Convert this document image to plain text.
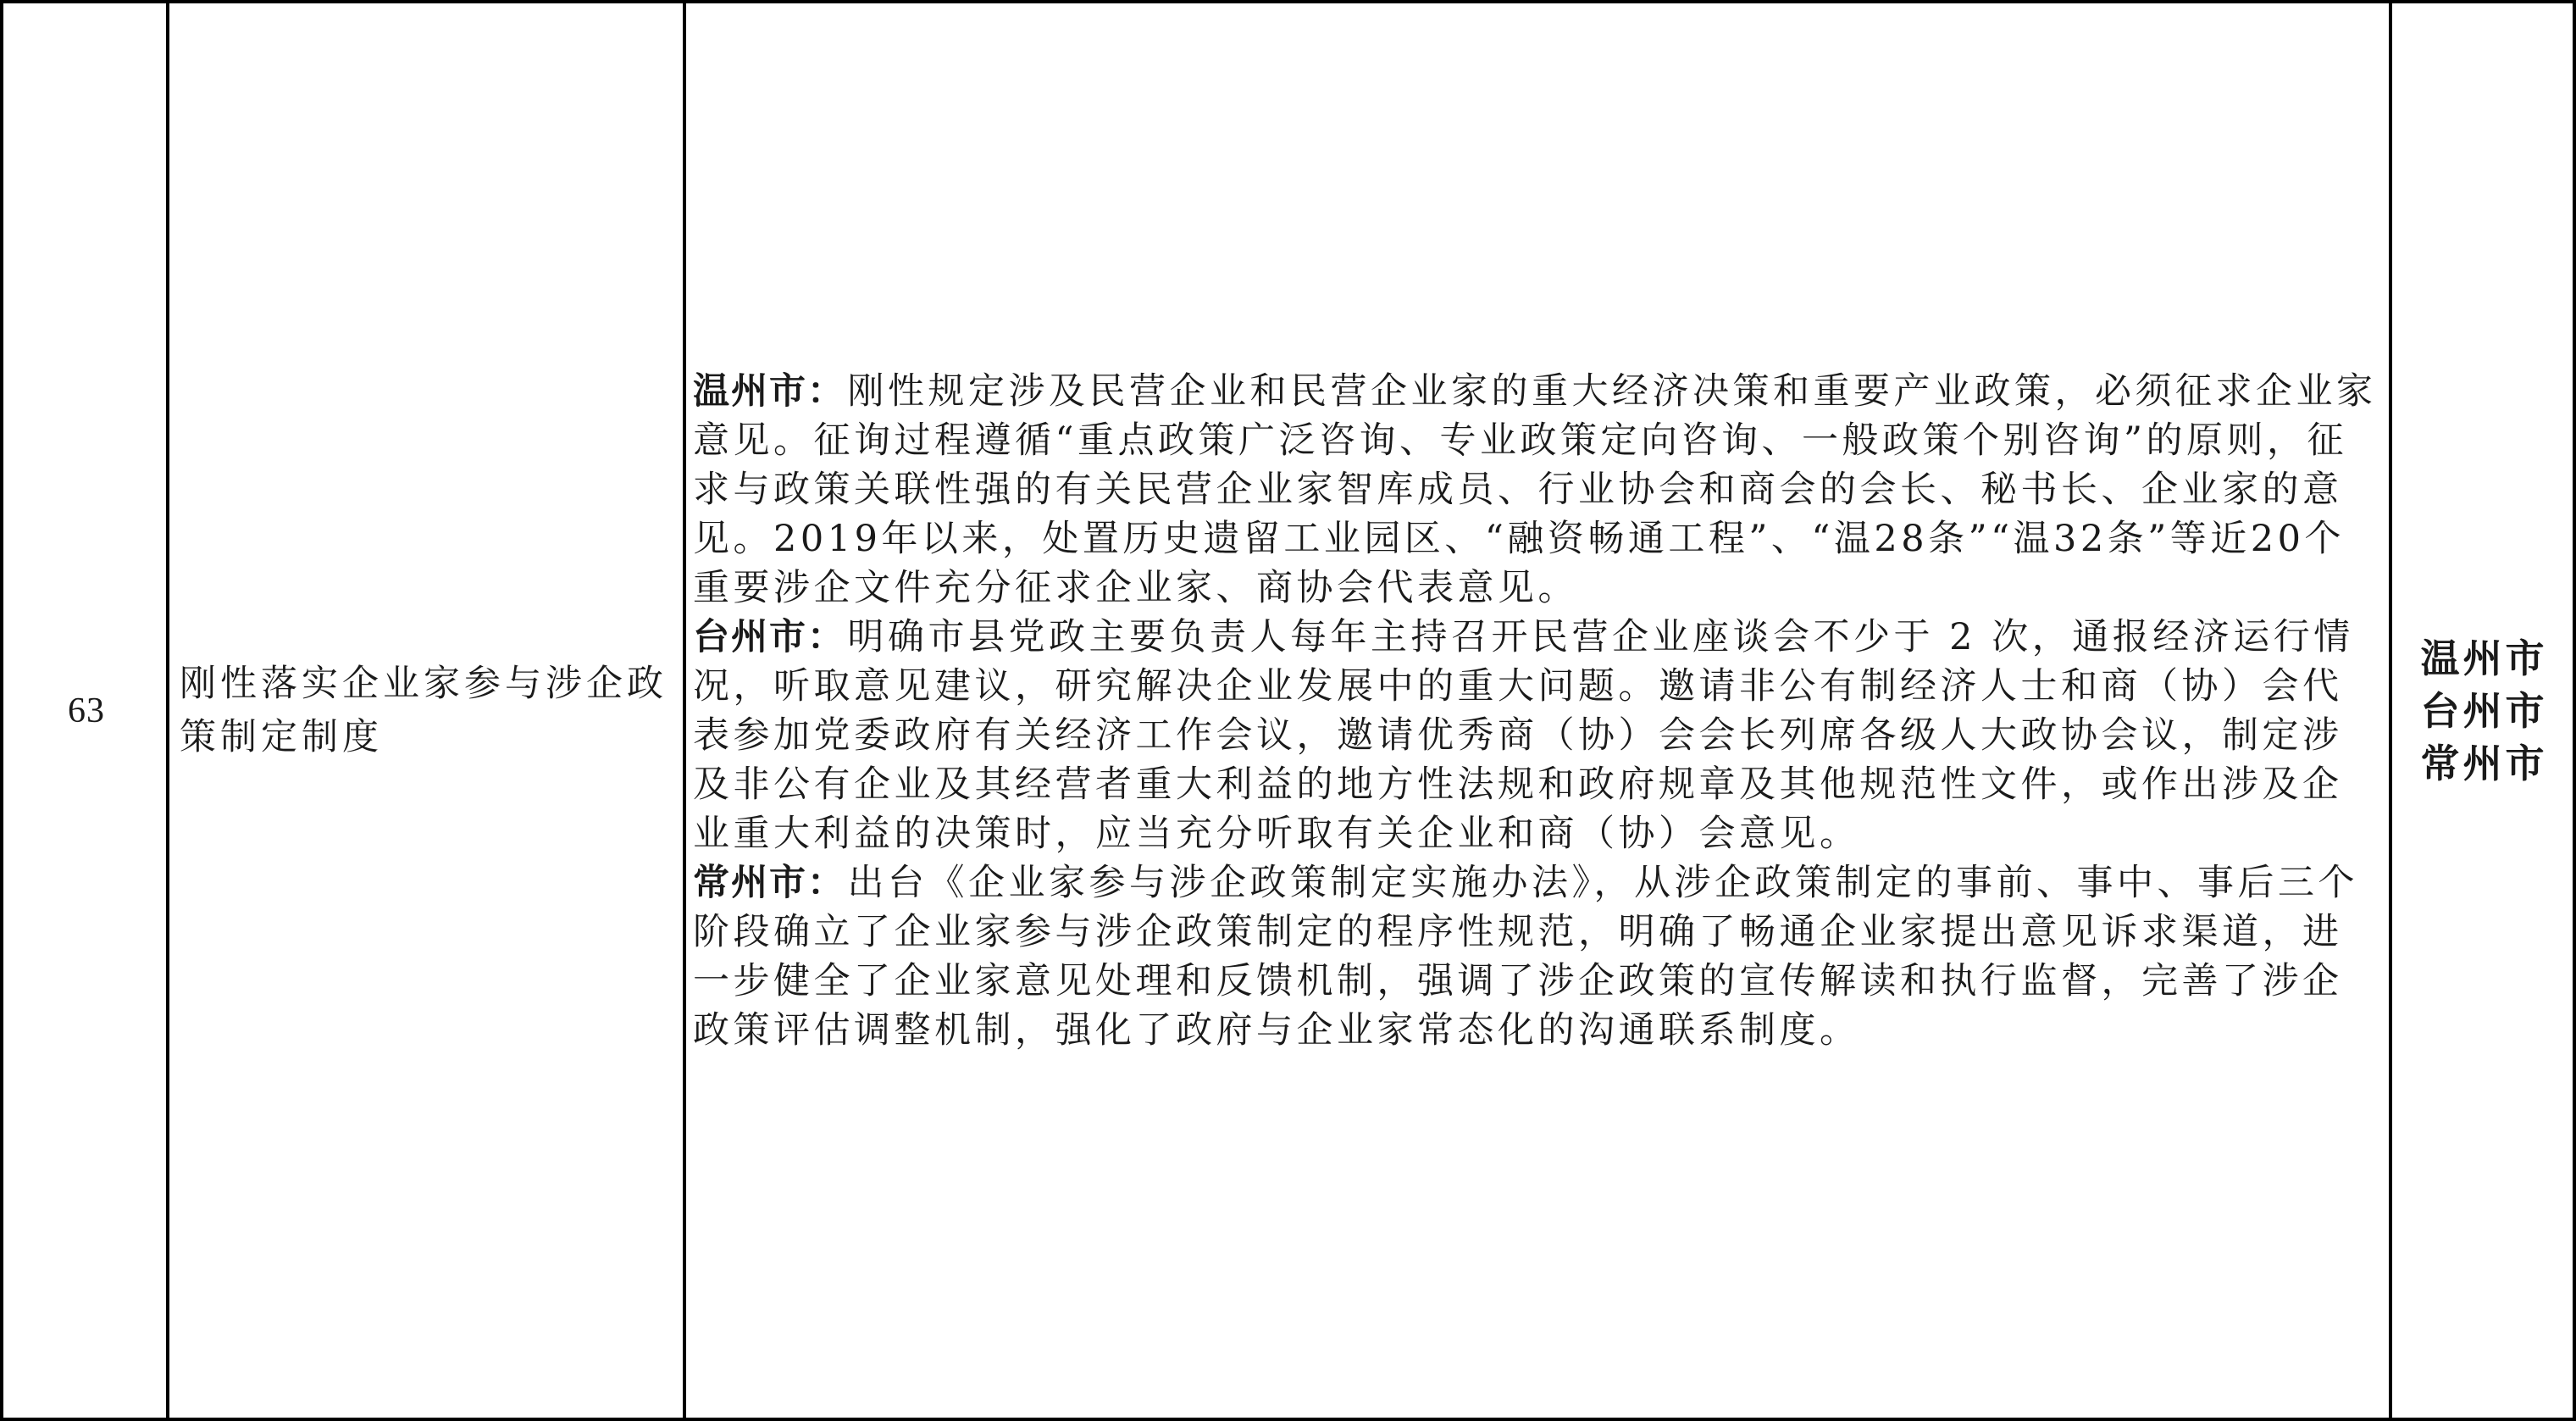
63
刚性落实企业家参与涉企政策制定制度

温州市：刚性规定涉及民营企业和民营企业家的重大经济决策和重要产业政策，必须征求企业家意见。征询过程遵循“重点政策广泛咨询、专业政策定向咨询、一般政策个别咨询”的原则，征求与政策关联性强的有关民营企业家智库成员、行业协会和商会的会长、秘书长、企业家的意见。2019年以来，处置历史遗留工业园区、“融资畅通工程”、“温28条”“温32条”等近20个重要涉企文件充分征求企业家、商协会代表意见。

台州市：明确市县党政主要负责人每年主持召开民营企业座谈会不少于 2 次，通报经济运行情况，听取意见建议，研究解决企业发展中的重大问题。邀请非公有制经济人士和商（协）会代表参加党委政府有关经济工作会议，邀请优秀商（协）会会长列席各级人大政协会议，制定涉及非公有企业及其经营者重大利益的地方性法规和政府规章及其他规范性文件，或作出涉及企业重大利益的决策时，应当充分听取有关企业和商（协）会意见。

常州市：出台《企业家参与涉企政策制定实施办法》，从涉企政策制定的事前、事中、事后三个阶段确立了企业家参与涉企政策制定的程序性规范，明确了畅通企业家提出意见诉求渠道，进一步健全了企业家意见处理和反馈机制，强调了涉企政策的宣传解读和执行监督，完善了涉企政策评估调整机制，强化了政府与企业家常态化的沟通联系制度。

温州市
台州市
常州市
